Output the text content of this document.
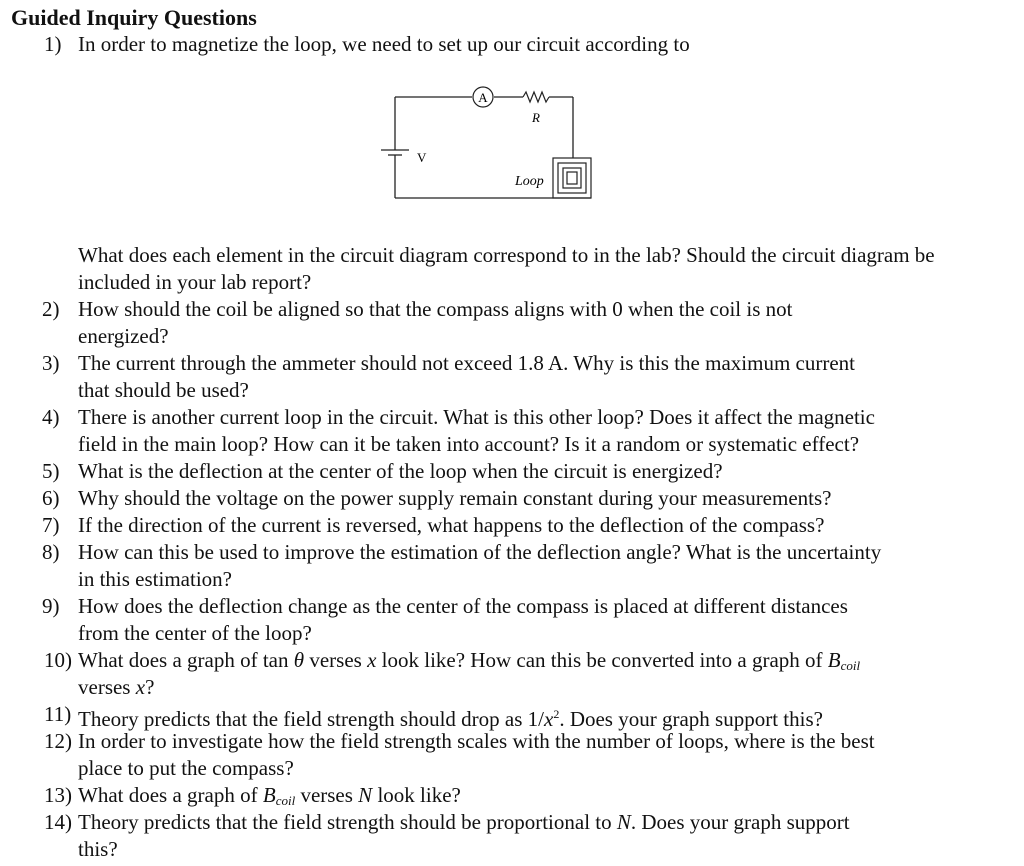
Guided Inquiry Questions
1) In order to magnetize the loop, we need to set up our circuit according to
A
R
V
Loop
What does each element in the circuit diagram correspond to in the lab? Should the circuit diagram be included in your lab report?
2) How should the coil be aligned so that the compass aligns with 0 when the coil is not
energized?
3) The current through the ammeter should not exceed 1.8 A. Why is this the maximum current
that should be used?
4) There is another current loop in the circuit. What is this other loop? Does it affect the magnetic
field in the main loop? How can it be taken into account? Is it a random or systematic effect?
5) What is the deflection at the center of the loop when the circuit is energized?
6) Why should the voltage on the power supply remain constant during your measurements?
7) If the direction of the current is reversed, what happens to the deflection of the compass?
8) How can this be used to improve the estimation of the deflection angle? What is the uncertainty
in this estimation?
9) How does the deflection change as the center of the compass is placed at different distances
from the center of the loop?
10) What does a graph of tan θ verses x look like? How can this be converted into a graph of $B_{coil}$
verses x?
11) Theory predicts that the field strength should drop as $1/x^2$. Does your graph support this?
12) In order to investigate how the field strength scales with the number of loops, where is the best
place to put the compass?
13) What does a graph of $B_{coil}$ verses N look like?
14) Theory predicts that the field strength should be proportional to N. Does your graph support
this?
